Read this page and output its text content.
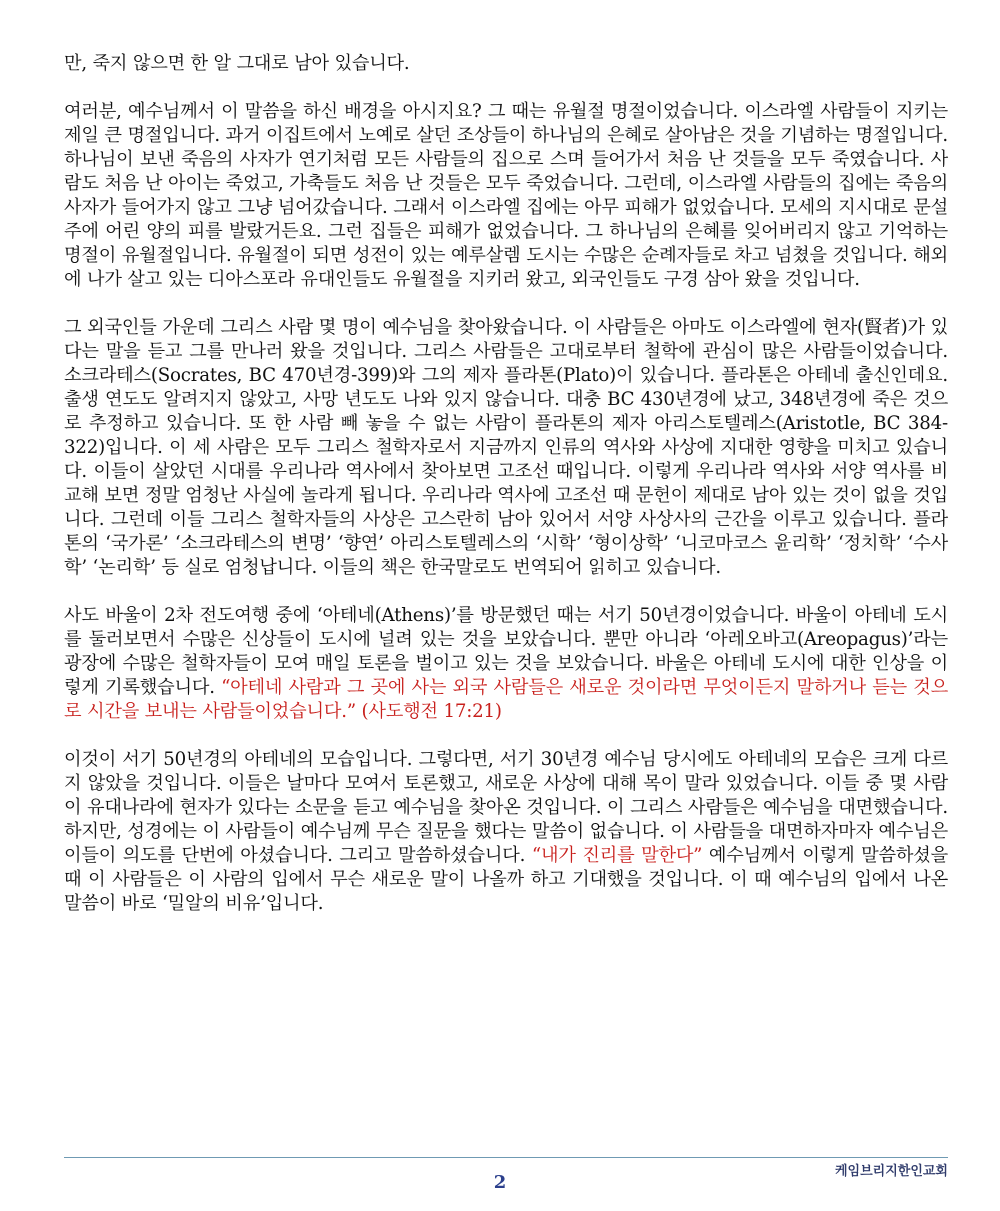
만, 죽지 않으면 한 알 그대로 남아 있습니다.

여러분, 예수님께서 이 말씀을 하신 배경을 아시지요? 그 때는 유월절 명절이었습니다. 이스라엘 사람들이 지키는 제일 큰 명절입니다. 과거 이집트에서 노예로 살던 조상들이 하나님의 은혜로 살아남은 것을 기념하는 명절입니다. 하나님이 보낸 죽음의 사자가 연기처럼 모든 사람들의 집으로 스며 들어가서 처음 난 것들을 모두 죽였습니다. 사람도 처음 난 아이는 죽었고, 가축들도 처음 난 것들은 모두 죽었습니다. 그런데, 이스라엘 사람들의 집에는 죽음의 사자가 들어가지 않고 그냥 넘어갔습니다. 그래서 이스라엘 집에는 아무 피해가 없었습니다. 모세의 지시대로 문설주에 어린 양의 피를 발랐거든요. 그런 집들은 피해가 없었습니다. 그 하나님의 은혜를 잊어버리지 않고 기억하는 명절이 유월절입니다. 유월절이 되면 성전이 있는 예루살렘 도시는 수많은 순례자들로 차고 넘쳤을 것입니다. 해외에 나가 살고 있는 디아스포라 유대인들도 유월절을 지키러 왔고, 외국인들도 구경 삼아 왔을 것입니다.

그 외국인들 가운데 그리스 사람 몇 명이 예수님을 찾아왔습니다. 이 사람들은 아마도 이스라엘에 현자(賢者)가 있다는 말을 듣고 그를 만나러 왔을 것입니다. 그리스 사람들은 고대로부터 철학에 관심이 많은 사람들이었습니다. 소크라테스(Socrates, BC 470년경-399)와 그의 제자 플라톤(Plato)이 있습니다. 플라톤은 아테네 출신인데요. 출생 연도도 알려지지 않았고, 사망 년도도 나와 있지 않습니다. 대충 BC 430년경에 났고, 348년경에 죽은 것으로 추정하고 있습니다. 또 한 사람 빼 놓을 수 없는 사람이 플라톤의 제자 아리스토텔레스(Aristotle, BC 384-322)입니다. 이 세 사람은 모두 그리스 철학자로서 지금까지 인류의 역사와 사상에 지대한 영향을 미치고 있습니다. 이들이 살았던 시대를 우리나라 역사에서 찾아보면 고조선 때입니다. 이렇게 우리나라 역사와 서양 역사를 비교해 보면 정말 엄청난 사실에 놀라게 됩니다. 우리나라 역사에 고조선 때 문헌이 제대로 남아 있는 것이 없을 것입니다. 그런데 이들 그리스 철학자들의 사상은 고스란히 남아 있어서 서양 사상사의 근간을 이루고 있습니다. 플라톤의 ‘국가론’ ‘소크라테스의 변명’ ‘향연’ 아리스토텔레스의 ‘시학’ ‘형이상학’ ‘니코마코스 윤리학’ ‘정치학’ ‘수사학’ ‘논리학’ 등 실로 엄청납니다. 이들의 책은 한국말로도 번역되어 읽히고 있습니다.

사도 바울이 2차 전도여행 중에 ‘아테네(Athens)’를 방문했던 때는 서기 50년경이었습니다. 바울이 아테네 도시를 둘러보면서 수많은 신상들이 도시에 널려 있는 것을 보았습니다. 뿐만 아니라 ‘아레오바고(Areopagus)’라는 광장에 수많은 철학자들이 모여 매일 토론을 벌이고 있는 것을 보았습니다. 바울은 아테네 도시에 대한 인상을 이렇게 기록했습니다. “아테네 사람과 그 곳에 사는 외국 사람들은 새로운 것이라면 무엇이든지 말하거나 듣는 것으로 시간을 보내는 사람들이었습니다.” (사도행전 17:21)

이것이 서기 50년경의 아테네의 모습입니다. 그렇다면, 서기 30년경 예수님 당시에도 아테네의 모습은 크게 다르지 않았을 것입니다. 이들은 날마다 모여서 토론했고, 새로운 사상에 대해 목이 말라 있었습니다. 이들 중 몇 사람이 유대나라에 현자가 있다는 소문을 듣고 예수님을 찾아온 것입니다. 이 그리스 사람들은 예수님을 대면했습니다. 하지만, 성경에는 이 사람들이 예수님께 무슨 질문을 했다는 말씀이 없습니다. 이 사람들을 대면하자마자 예수님은 이들이 의도를 단번에 아셨습니다. 그리고 말씀하셨습니다. “내가 진리를 말한다” 예수님께서 이렇게 말씀하셨을 때 이 사람들은 이 사람의 입에서 무슨 새로운 말이 나올까 하고 기대했을 것입니다. 이 때 예수님의 입에서 나온 말씀이 바로 ‘밀알의 비유’입니다.

케임브리지한인교회
2
